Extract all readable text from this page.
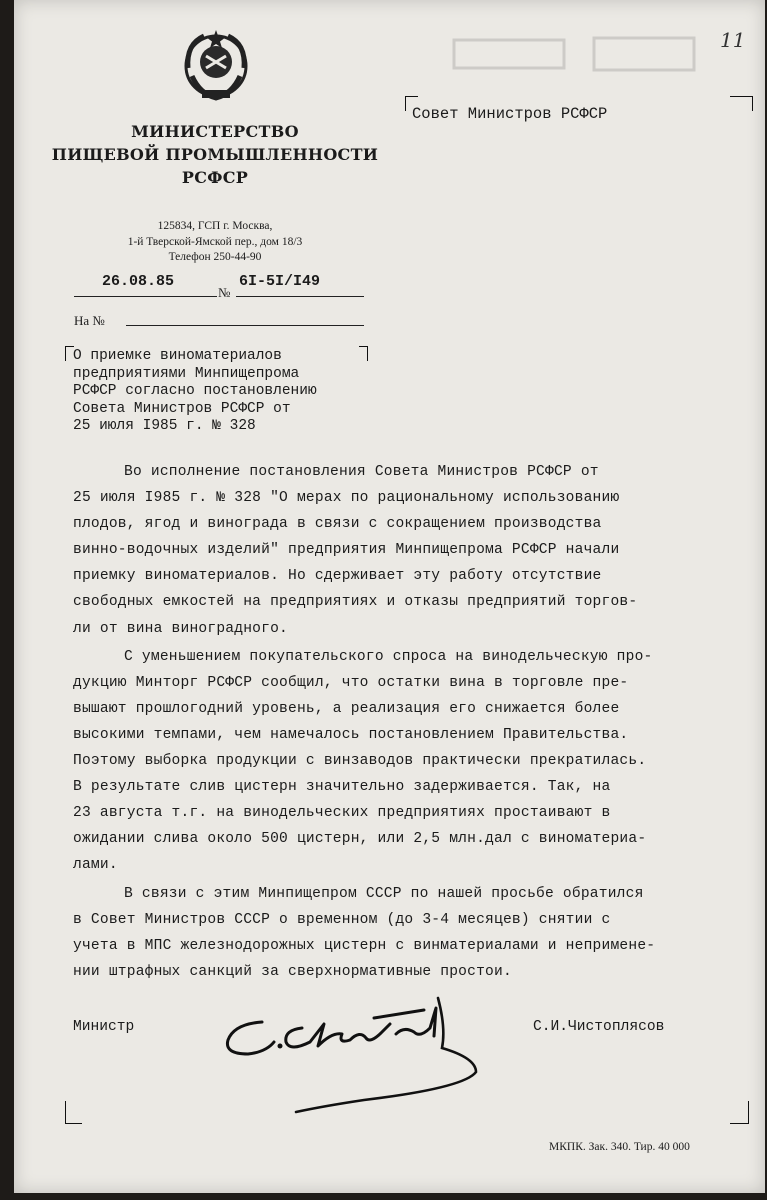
11
МИНИСТЕРСТВО
ПИЩЕВОЙ ПРОМЫШЛЕННОСТИ
РСФСР
125834, ГСП г. Москва,
1-й Тверской-Ямской пер., дом 18/3
Телефон 250-44-90
26.08.85
№
6I-5I/I49
На №
Совет Министров РСФСР
О приемке виноматериалов
предприятиями Минпищепрома
РСФСР согласно постановлению
Совета Министров РСФСР от
25 июля I985 г. № 328
Во исполнение постановления Совета Министров РСФСР от
25 июля I985 г. № 328 "О мерах по рациональному использованию
плодов, ягод и винограда в связи с сокращением производства
винно-водочных изделий" предприятия Минпищепрома РСФСР начали
приемку виноматериалов. Но сдерживает эту работу отсутствие
свободных емкостей на предприятиях и отказы предприятий торгов-
ли от вина виноградного.
С уменьшением покупательского спроса на винодельческую про-
дукцию Минторг РСФСР сообщил, что остатки вина в торговле пре-
вышают прошлогодний уровень, а реализация его снижается более
высокими темпами, чем намечалось постановлением Правительства.
Поэтому выборка продукции с винзаводов практически прекратилась.
В результате слив цистерн значительно задерживается. Так, на
23 августа т.г. на винодельческих предприятиях простаивают в
ожидании слива около 500 цистерн, или 2,5 млн.дал с виноматериа-
лами.
В связи с этим Минпищепром СССР по нашей просьбе обратился
в Совет Министров СССР о временном (до 3-4 месяцев) снятии с
учета в МПС железнодорожных цистерн с винматериалами и непримене-
нии штрафных санкций за сверхнормативные простои.
Министр	С.И.Чистоплясов
МКПК. Зак. 340. Тир. 40 000
